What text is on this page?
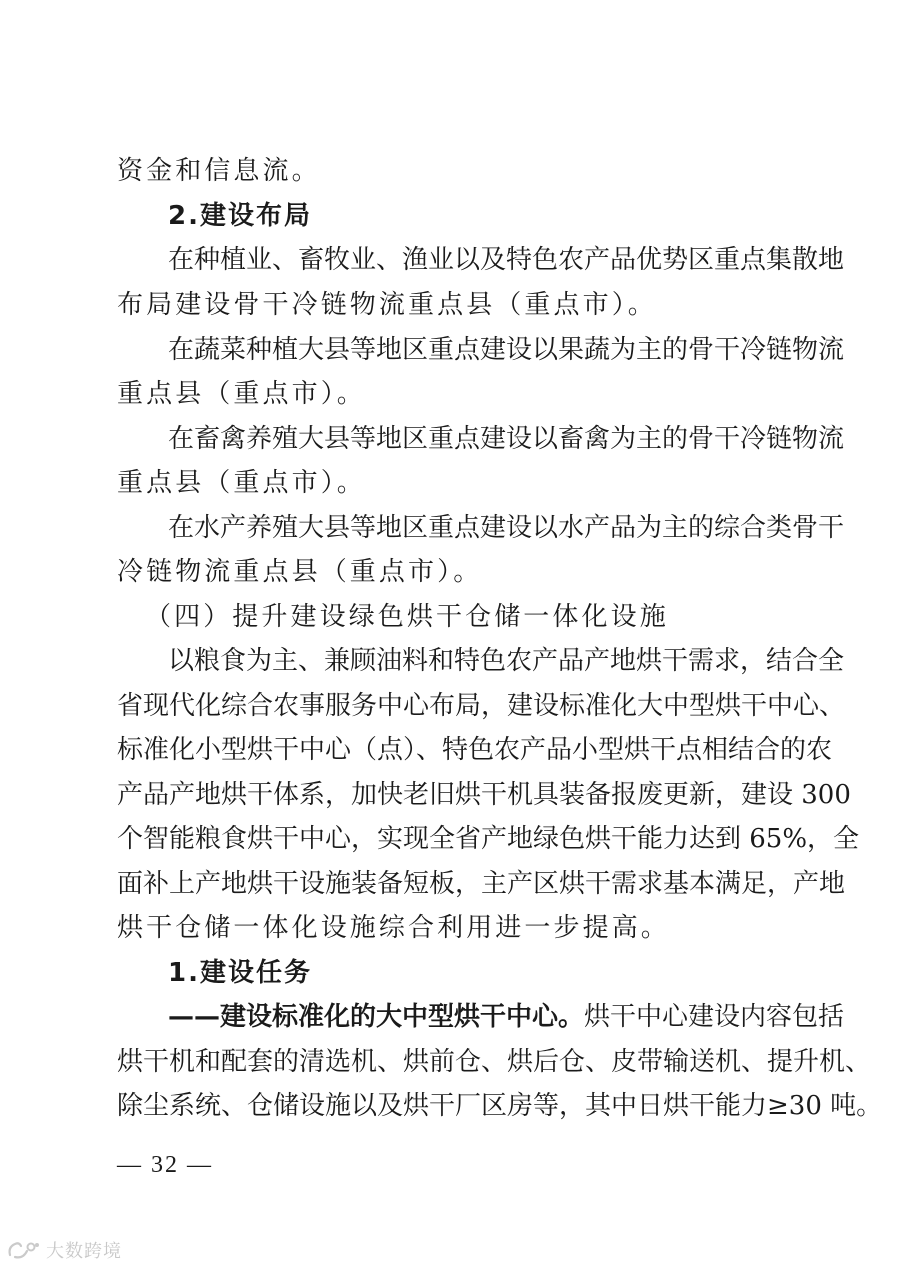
资金和信息流。
2.建设布局
在种植业、畜牧业、渔业以及特色农产品优势区重点集散地
布局建设骨干冷链物流重点县（重点市）。
在蔬菜种植大县等地区重点建设以果蔬为主的骨干冷链物流
重点县（重点市）。
在畜禽养殖大县等地区重点建设以畜禽为主的骨干冷链物流
重点县（重点市）。
在水产养殖大县等地区重点建设以水产品为主的综合类骨干
冷链物流重点县（重点市）。
（四）提升建设绿色烘干仓储一体化设施
以粮食为主、兼顾油料和特色农产品产地烘干需求，结合全
省现代化综合农事服务中心布局，建设标准化大中型烘干中心、
标准化小型烘干中心（点）、特色农产品小型烘干点相结合的农
产品产地烘干体系，加快老旧烘干机具装备报废更新，建设 300
个智能粮食烘干中心，实现全省产地绿色烘干能力达到 65%，全
面补上产地烘干设施装备短板，主产区烘干需求基本满足，产地
烘干仓储一体化设施综合利用进一步提高。
1.建设任务
——建设标准化的大中型烘干中心。烘干中心建设内容包括
烘干机和配套的清选机、烘前仓、烘后仓、皮带输送机、提升机、
除尘系统、仓储设施以及烘干厂区房等，其中日烘干能力≥30 吨。
— 32 —
大数跨境
